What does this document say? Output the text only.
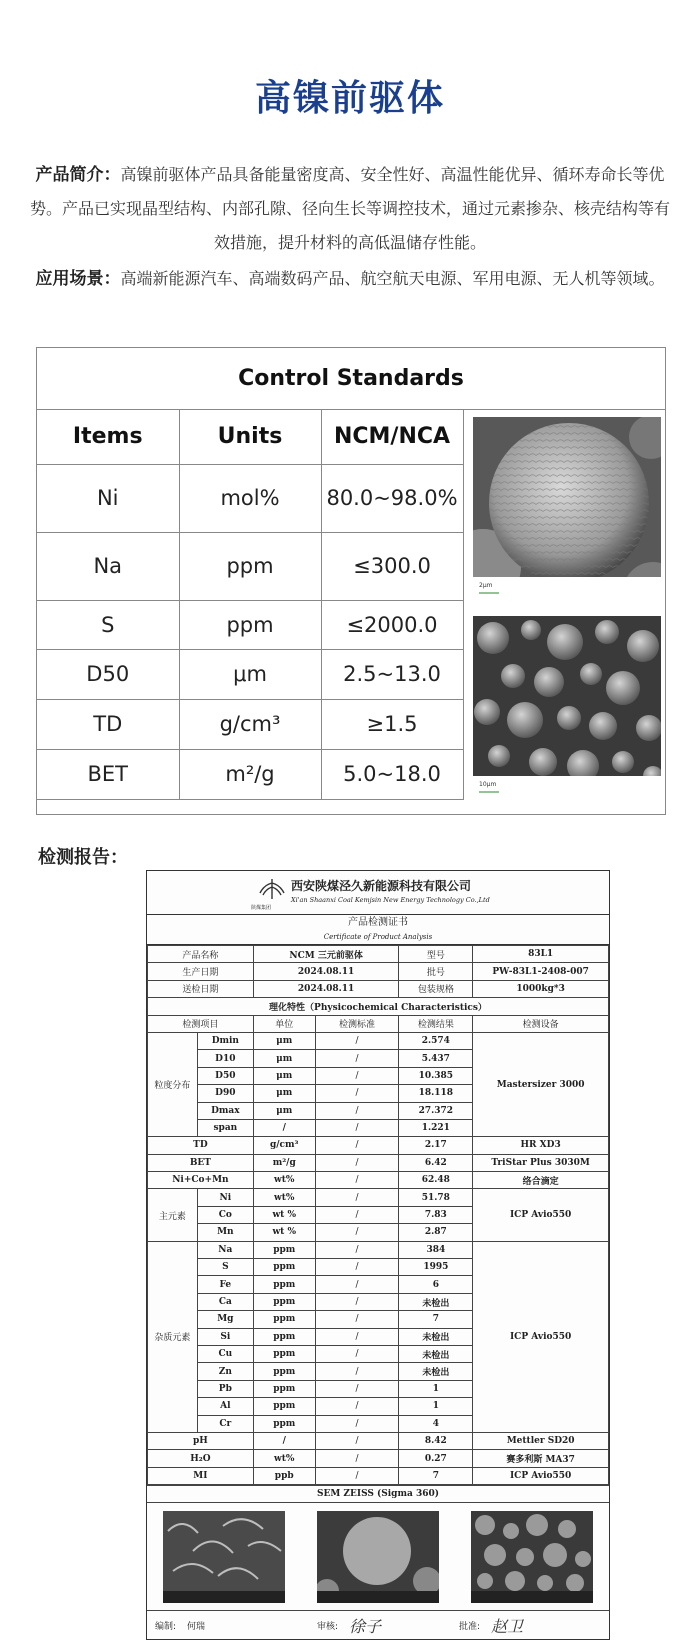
高镍前驱体
产品简介：高镍前驱体产品具备能量密度高、安全性好、高温性能优异、循环寿命长等优势。产品已实现晶型结构、内部孔隙、径向生长等调控技术，通过元素掺杂、核壳结构等有效措施，提升材料的高低温储存性能。
应用场景：高端新能源汽车、高端数码产品、航空航天电源、军用电源、无人机等领域。
Control Standards
Items	Units	NCM/NCA
Ni	mol%	80.0~98.0%
Na	ppm	≤300.0
S	ppm	≤2000.0
D50	μm	2.5~13.0
TD	g/cm³	≥1.5
BET	m²/g	5.0~18.0
2μm
10μm
检测报告：
陕煤集团
西安陕煤泾久新能源科技有限公司
Xi'an Shaanxi Coal Kemjsin New Energy Technology Co.,Ltd
产品检测证书
Certificate of Product Analysis
产品名称		NCM 三元前驱体		型号	83L1
生产日期		2024.08.11		批号	PW-83L1-2408-007
送检日期		2024.08.11		包装规格	1000kg*3
理化特性（Physicochemical Characteristics）					
检测项目		单位	检测标准	检测结果	检测设备
粒度分布	Dmin	μm	/	2.574	Mastersizer 3000
	D10	μm	/	5.437	
	D50	μm	/	10.385	
	D90	μm	/	18.118	
	Dmax	μm	/	27.372	
	span	/	/	1.221	
TD		g/cm³	/	2.17	HR XD3
BET		m²/g	/	6.42	TriStar Plus 3030M
Ni+Co+Mn		wt%	/	62.48	络合滴定
主元素	Ni	wt%	/	51.78	ICP Avio550
	Co	wt %	/	7.83	
	Mn	wt %	/	2.87	
杂质元素	Na	ppm	/	384	ICP Avio550
	S	ppm	/	1995	
	Fe	ppm	/	6	
	Ca	ppm	/	未检出	
	Mg	ppm	/	7	
	Si	ppm	/	未检出	
	Cu	ppm	/	未检出	
	Zn	ppm	/	未检出	
	Pb	ppm	/	1	
	Al	ppm	/	1	
	Cr	ppm	/	4	
pH		/	/	8.42	Mettler SD20
H₂O		wt%	/	0.27	赛多利斯 MA37
MI		ppb	/	7	ICP Avio550
SEM ZEISS (Sigma 360)
编制:	何瑞	审核: 徐子	批准: 赵卫
